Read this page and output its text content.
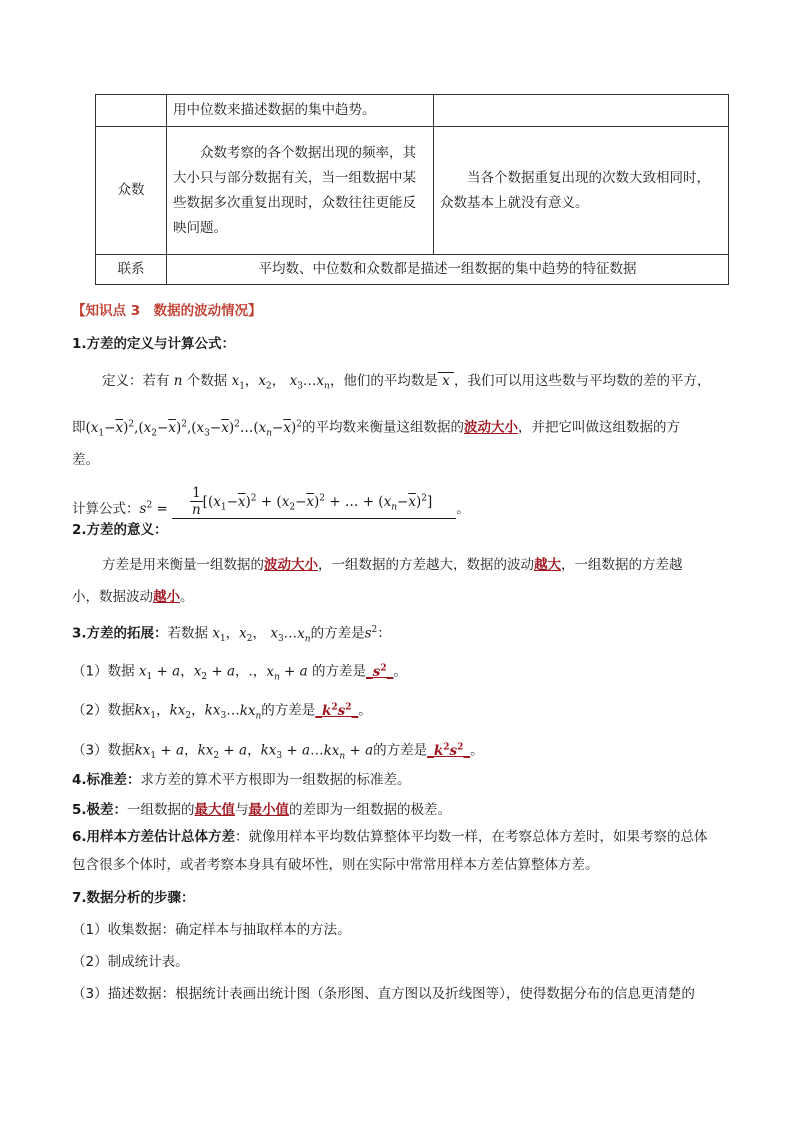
	用中位数来描述数据的集中趋势。	
众数	众数考察的各个数据出现的频率，其大小只与部分数据有关，当一组数据中某些数据多次重复出现时，众数往往更能反映问题。	当各个数据重复出现的次数大致相同时，众数基本上就没有意义。

联系	平均数、中位数和众数都是描述一组数据的集中趋势的特征数据	
【知识点 3　数据的波动情况】
1.方差的定义与计算公式：
定义：若有 n 个数据 $x_1$，$x_2$， $x_3\dots x_n$，他们的平均数是 x ，我们可以用这些数与平均数的差的平方，
即$(x_1-\overline{x})^2,(x_2-\overline{x})^2,(x_3-\overline{x})^2\dots(x_n-\overline{x})^2$的平均数来衡量这组数据的波动大小，并把它叫做这组数据的方
差。
计算公式：$s^2 = \frac{1}{n} [(x_1-\overline{x})^2 + (x_2-\overline{x})^2$ + … + $(x_n-\overline{x})^2$] 。
2.方差的意义：
方差是用来衡量一组数据的波动大小，一组数据的方差越大，数据的波动越大，一组数据的方差越
小，数据波动越小。
3.方差的拓展：若数据 $x_1$，$x_2$， $x_3\dots x_n$的方差是$s^2$：
（1）数据 $x_1 + a$，$x_2 + a$，.，$x_n + a$ 的方差是$\_s^2\_$。
（2）数据$kx_1$，$kx_2$，$kx_3\dots kx_n$的方差是$\_k^2s^2\_$。
（3）数据$kx_1 + a$，$kx_2 + a$，$kx_3$ + $a\dots kx_n + a$的方差是$\_k^2s^2\_$。
4.标准差：求方差的算术平方根即为一组数据的标准差。
5.极差：一组数据的最大值与最小值的差即为一组数据的极差。
6.用样本方差估计总体方差：就像用样本平均数估算整体平均数一样，在考察总体方差时，如果考察的总体
包含很多个体时，或者考察本身具有破坏性，则在实际中常常用样本方差估算整体方差。
7.数据分析的步骤：
（1）收集数据：确定样本与抽取样本的方法。
（2）制成统计表。
（3）描述数据：根据统计表画出统计图（条形图、直方图以及折线图等），使得数据分布的信息更清楚的
